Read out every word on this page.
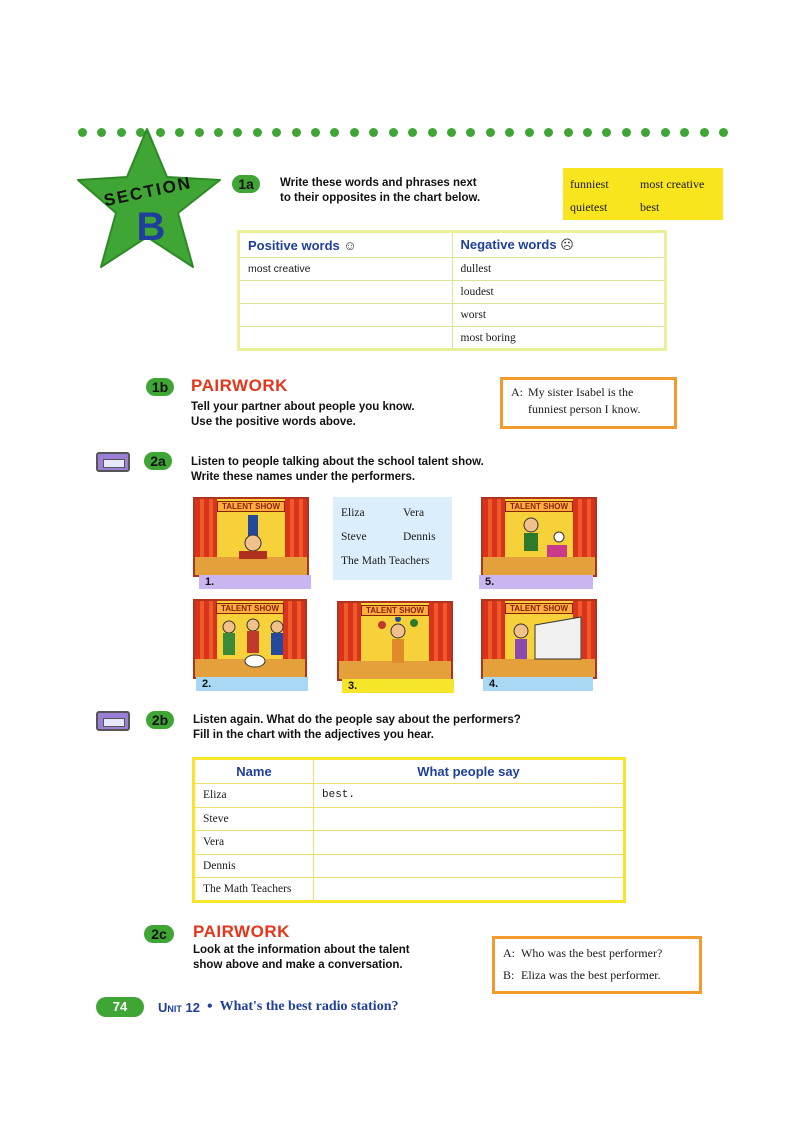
SECTION
B
1a	Write these words and phrases next
to their opposites in the chart below.
funniest	most creative
quietest	best
Positive words ☺	Negative words ☹
most creative	dullest
	loudest
	worst
	most boring
1b	PAIRWORK
Tell your partner about people you know.
Use the positive words above.
A: My sister Isabel is the
funniest person I know.
2a	Listen to people talking about the school talent show.
Write these names under the performers.
TALENT SHOW
1.
Eliza	Vera
Steve	Dennis
The Math Teachers
TALENT SHOW
5.
TALENT SHOW
2.
TALENT SHOW
3.
TALENT SHOW
4.
2b	Listen again. What do the people say about the performers?
Fill in the chart with the adjectives you hear.
Name	What people say
Eliza	best.
Steve	
Vera	
Dennis	
The Math Teachers	
2c	PAIRWORK
Look at the information about the talent
show above and make a conversation.
A: Who was the best performer?
B: Eliza was the best performer.
74	Unit 12 • What's the best radio station?
